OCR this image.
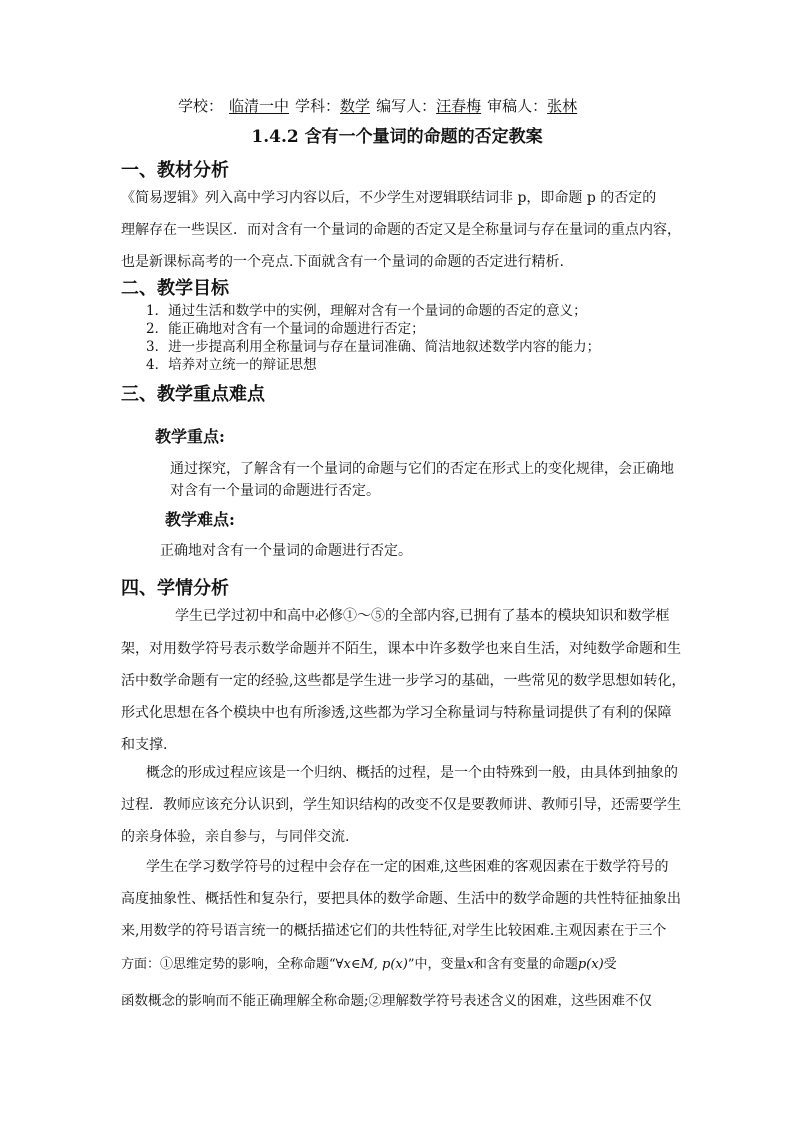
学校： 临清一中 学科：数学 编写人：汪春梅 审稿人：张林
1.4.2 含有一个量词的命题的否定教案
一、教材分析
《简易逻辑》列入高中学习内容以后，不少学生对逻辑联结词非 p，即命题 p 的否定的
理解存在一些误区．而对含有一个量词的命题的否定又是全称量词与存在量词的重点内容，
也是新课标高考的一个亮点.下面就含有一个量词的命题的否定进行精析.
二、教学目标
1．通过生活和数学中的实例，理解对含有一个量词的命题的否定的意义；
2．能正确地对含有一个量词的命题进行否定；
3．进一步提高利用全称量词与存在量词准确、简洁地叙述数学内容的能力；
4．培养对立统一的辩证思想
三、教学重点难点
教学重点:
通过探究，了解含有一个量词的命题与它们的否定在形式上的变化规律，会正确地
对含有一个量词的命题进行否定。
教学难点:
正确地对含有一个量词的命题进行否定。
四、学情分析
学生已学过初中和高中必修①～⑤的全部内容,已拥有了基本的模块知识和数学框
架，对用数学符号表示数学命题并不陌生，课本中许多数学也来自生活，对纯数学命题和生
活中数学命题有一定的经验,这些都是学生进一步学习的基础，一些常见的数学思想如转化，
形式化思想在各个模块中也有所渗透,这些都为学习全称量词与特称量词提供了有利的保障
和支撑.
概念的形成过程应该是一个归纳、概括的过程，是一个由特殊到一般，由具体到抽象的
过程．教师应该充分认识到，学生知识结构的改变不仅是要教师讲、教师引导，还需要学生
的亲身体验，亲自参与，与同伴交流.
学生在学习数学符号的过程中会存在一定的困难,这些困难的客观因素在于数学符号的
高度抽象性、概括性和复杂行，要把具体的数学命题、生活中的数学命题的共性特征抽象出
来,用数学的符号语言统一的概括描述它们的共性特征,对学生比较困难.主观因素在于三个
方面：①思维定势的影响，全称命题“∀x∈M, p(x)”中，变量x和含有变量的命题p(x)受
函数概念的影响而不能正确理解全称命题;②理解数学符号表述含义的困难，这些困难不仅
